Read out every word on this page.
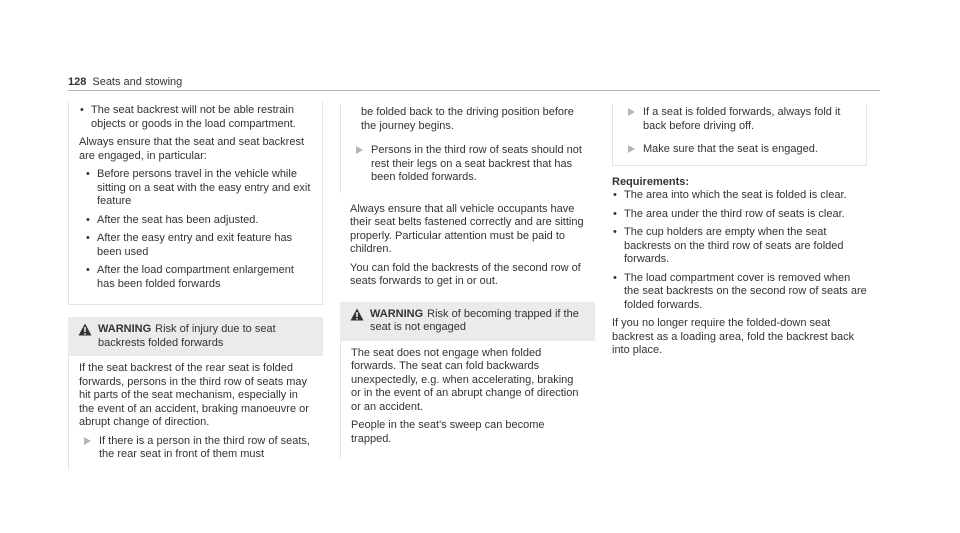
128 Seats and stowing
• The seat backrest will not be able restrain objects or goods in the load compartment.

Always ensure that the seat and seat backrest are engaged, in particular:

• Before persons travel in the vehicle while sitting on a seat with the easy entry and exit feature
• After the seat has been adjusted.
• After the easy entry and exit feature has been used
• After the load compartment enlargement has been folded forwards
WARNING Risk of injury due to seat backrests folded forwards

If the seat backrest of the rear seat is folded forwards, persons in the third row of seats may hit parts of the seat mechanism, especially in the event of an accident, braking manoeuvre or abrupt change of direction.

If there is a person in the third row of seats, the rear seat in front of them must

be folded back to the driving position before the journey begins.

Persons in the third row of seats should not rest their legs on a seat backrest that has been folded forwards.

Always ensure that all vehicle occupants have their seat belts fastened correctly and are sitting properly. Particular attention must be paid to children.

You can fold the backrests of the second row of seats forwards to get in or out.

WARNING Risk of becoming trapped if the seat is not engaged

The seat does not engage when folded forwards. The seat can fold backwards unexpectedly, e.g. when accelerating, braking or in the event of an abrupt change of direction or an accident.

People in the seat's sweep can become trapped.

If a seat is folded forwards, always fold it back before driving off.
Make sure that the seat is engaged.

Requirements:

• The area into which the seat is folded is clear.
• The area under the third row of seats is clear.
• The cup holders are empty when the seat backrests on the third row of seats are folded forwards.
• The load compartment cover is removed when the seat backrests on the second row of seats are folded forwards.

If you no longer require the folded-down seat backrest as a loading area, fold the backrest back into place.
